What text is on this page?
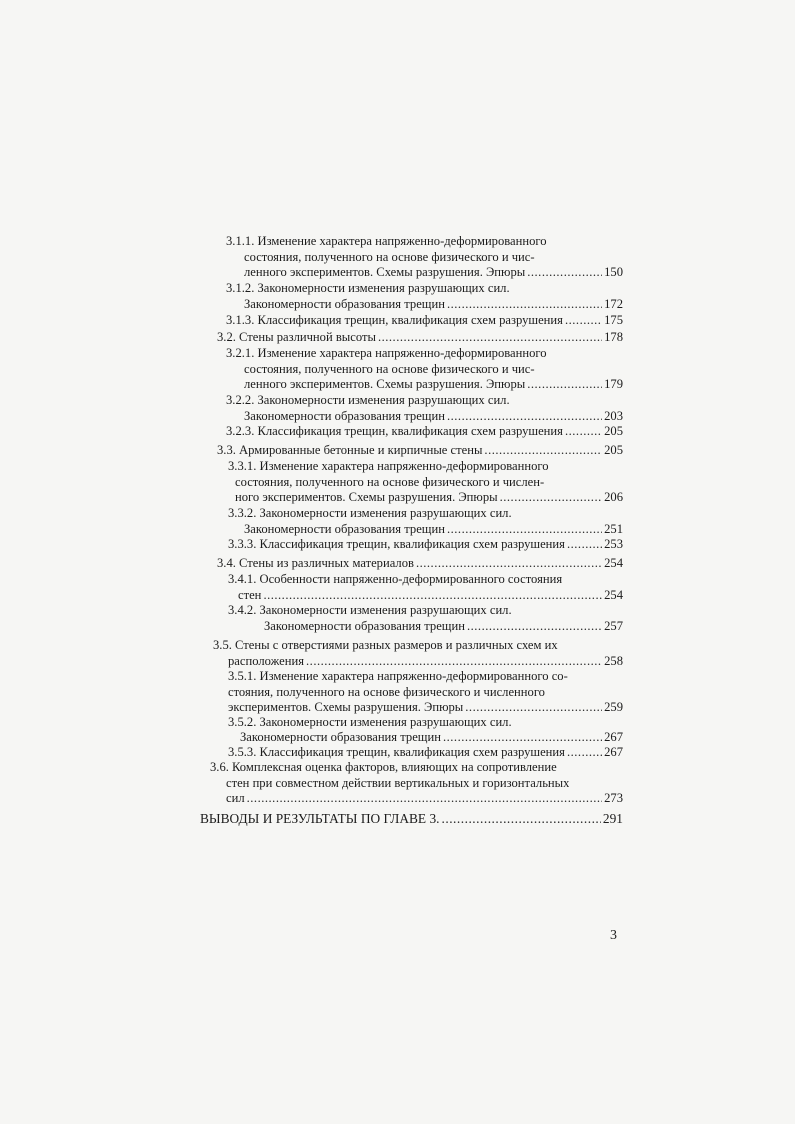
3.1.1. Изменение характера напряженно-деформированного
состояния, полученного на основе физического и чис-
ленного экспериментов. Схемы разрушения. Эпюры .....	150
3.1.2. Закономерности изменения разрушающих сил.
Закономерности образования трещин .....	172
3.1.3. Классификация трещин, квалификация схем разрушения .....	175
3.2. Стены различной высоты .....	178
3.2.1. Изменение характера напряженно-деформированного
состояния, полученного на основе физического и чис-
ленного экспериментов. Схемы разрушения. Эпюры .....	179
3.2.2. Закономерности изменения разрушающих сил.
Закономерности образования трещин .....	203
3.2.3. Классификация трещин, квалификация схем разрушения .....	205
3.3. Армированные бетонные и кирпичные стены .....	205
3.3.1. Изменение характера напряженно-деформированного
состояния, полученного на основе физического и числен-
ного экспериментов. Схемы разрушения. Эпюры .....	206
3.3.2. Закономерности изменения разрушающих сил.
Закономерности образования трещин .....	251
3.3.3. Классификация трещин, квалификация схем разрушения .....	253
3.4. Стены из различных материалов .....	254
3.4.1. Особенности напряженно-деформированного состояния
стен .....	254
3.4.2. Закономерности изменения разрушающих сил.
Закономерности образования трещин .....	257
3.5. Стены с отверстиями разных размеров и различных схем их
расположения .....	258
3.5.1. Изменение характера напряженно-деформированного со-
стояния, полученного на основе физического и численного
экспериментов. Схемы разрушения. Эпюры .....	259
3.5.2. Закономерности изменения разрушающих сил.
Закономерности образования трещин .....	267
3.5.3. Классификация трещин, квалификация схем разрушения .....	267
3.6. Комплексная оценка факторов, влияющих на сопротивление
стен при совместном действии вертикальных и горизонтальных
сил .....	273
ВЫВОДЫ И РЕЗУЛЬТАТЫ ПО ГЛАВЕ 3. .....	291
3
